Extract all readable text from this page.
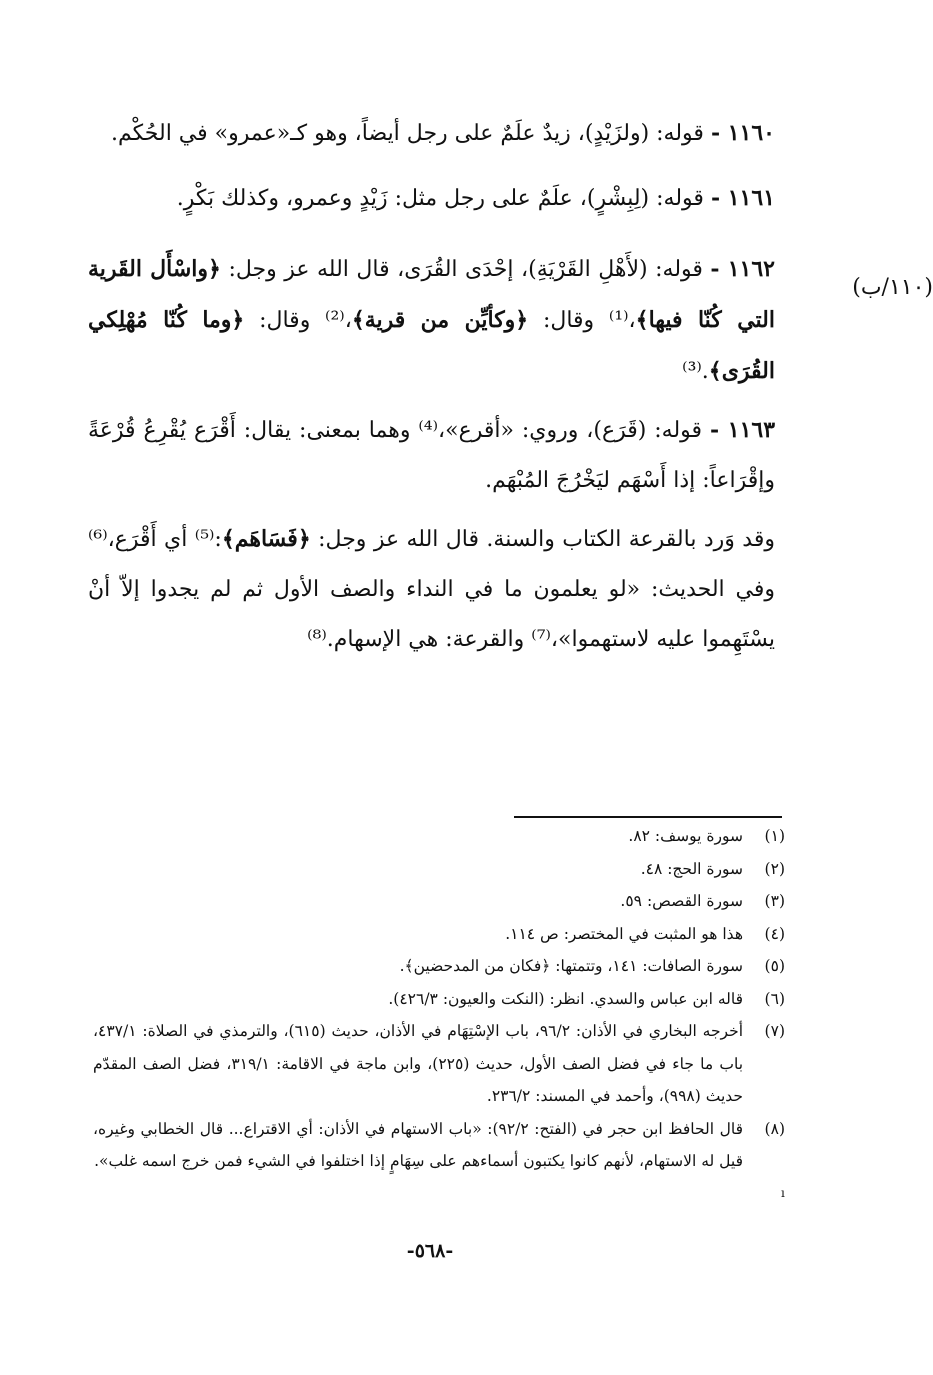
١١٦٠ - قوله: (ولزَيْدٍ)، زيدٌ علَمٌ على رجل أيضاً، وهو كـ«عمرو» في الحُكْم.

١١٦١ - قوله: (لِبِشْرٍ)، علَمٌ على رجل مثل: زَيْدٍ وعمرو، وكذلك بَكْرٍ.

١١٦٢ - قوله: (لأَهْلِ القَرْيَةِ)، إحْدَى القُرَى، قال الله عز وجل: ﴿واسْأَل القَرية التي كُنّا فيها﴾،⁽¹⁾ وقال: ﴿وكأيِّن من قرية﴾،⁽²⁾ وقال: ﴿وما كُنّا مُهْلِكي القُرَى﴾.⁽³⁾

١١٦٣ - قوله: (قَرَع)، وروي: «أقرع»،⁽⁴⁾ وهما بمعنى: يقال: أَقْرَع يُقْرِعُ قُرْعَةً وإقْرَاعاً: إذا أَسْهَم ليَخْرُجَ المُبْهَم.

وقد وَرد بالقرعة الكتاب والسنة. قال الله عز وجل: ﴿فَسَاهَم﴾:⁽⁵⁾ أي أَقْرَع،⁽⁶⁾ وفي الحديث: «لو يعلمون ما في النداء والصف الأول ثم لم يجدوا إلاّ أنْ يسْتَهِموا عليه لاستهموا»،⁽⁷⁾ والقرعة: هي الإسهام.⁽⁸⁾

(١١٠/ب)
(١)
سورة يوسف: ٨٢.
(٢)
سورة الحج: ٤٨.
(٣)
سورة القصص: ٥٩.
(٤)
هذا هو المثبت في المختصر: ص ١١٤.
(٥)
سورة الصافات: ١٤١، وتتمتها: ﴿فكان من المدحضين﴾.
(٦)
قاله ابن عباس والسدي. انظر: (النكت والعيون: ٤٢٦/٣).
(٧)
أخرجه البخاري في الأذان: ٩٦/٢، باب الإسْتِهَام في الأذان، حديث (٦١٥)، والترمذي في الصلاة: ٤٣٧/١، باب ما جاء في فضل الصف الأول، حديث (٢٢٥)، وابن ماجة في الاقامة: ٣١٩/١، فضل الصف المقدّم حديث (٩٩٨)، وأحمد في المسند: ٢٣٦/٢.
(٨)
قال الحافظ ابن حجر في (الفتح: ٩٢/٢): «باب الاستهام في الأذان: أي الاقتراع... قال الخطابي وغيره، قيل له الاستهام، لأنهم كانوا يكتبون أسماءهم على سِهَامٍ إذا اختلفوا في الشيء فمن خرج اسمه غلب».
ı
-٥٦٨-
